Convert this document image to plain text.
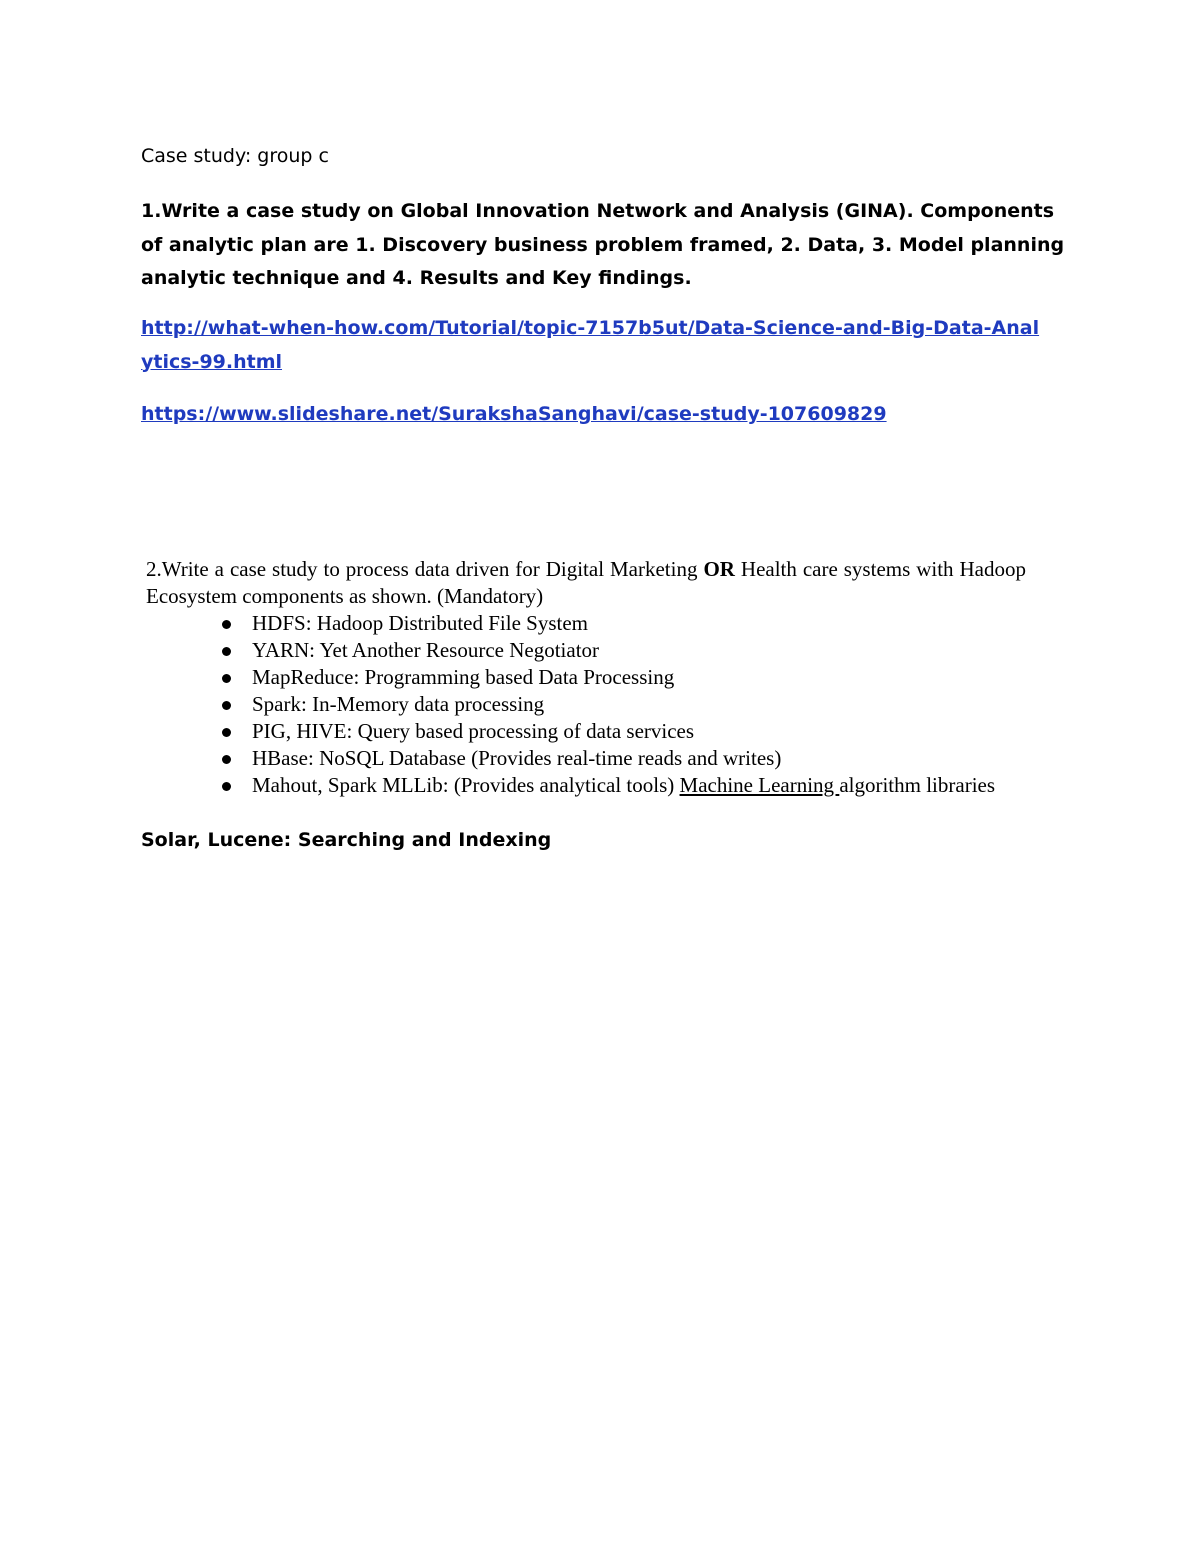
Case study: group c

1.Write a case study on Global Innovation Network and Analysis (GINA). Components of analytic plan are 1. Discovery business problem framed, 2. Data, 3. Model planning analytic technique and 4. Results and Key findings.

http://what-when-how.com/Tutorial/topic-7157b5ut/Data-Science-and-Big-Data-Analytics-99.html
https://www.slideshare.net/SurakshaSanghavi/case-study-107609829

2.Write a case study to process data driven for Digital Marketing OR Health care systems with Hadoop Ecosystem components as shown. (Mandatory)

HDFS: Hadoop Distributed File System
YARN: Yet Another Resource Negotiator
MapReduce: Programming based Data Processing
Spark: In-Memory data processing
PIG, HIVE: Query based processing of data services
HBase: NoSQL Database (Provides real-time reads and writes)
Mahout, Spark MLLib: (Provides analytical tools) Machine Learning algorithm libraries

Solar, Lucene: Searching and Indexing
